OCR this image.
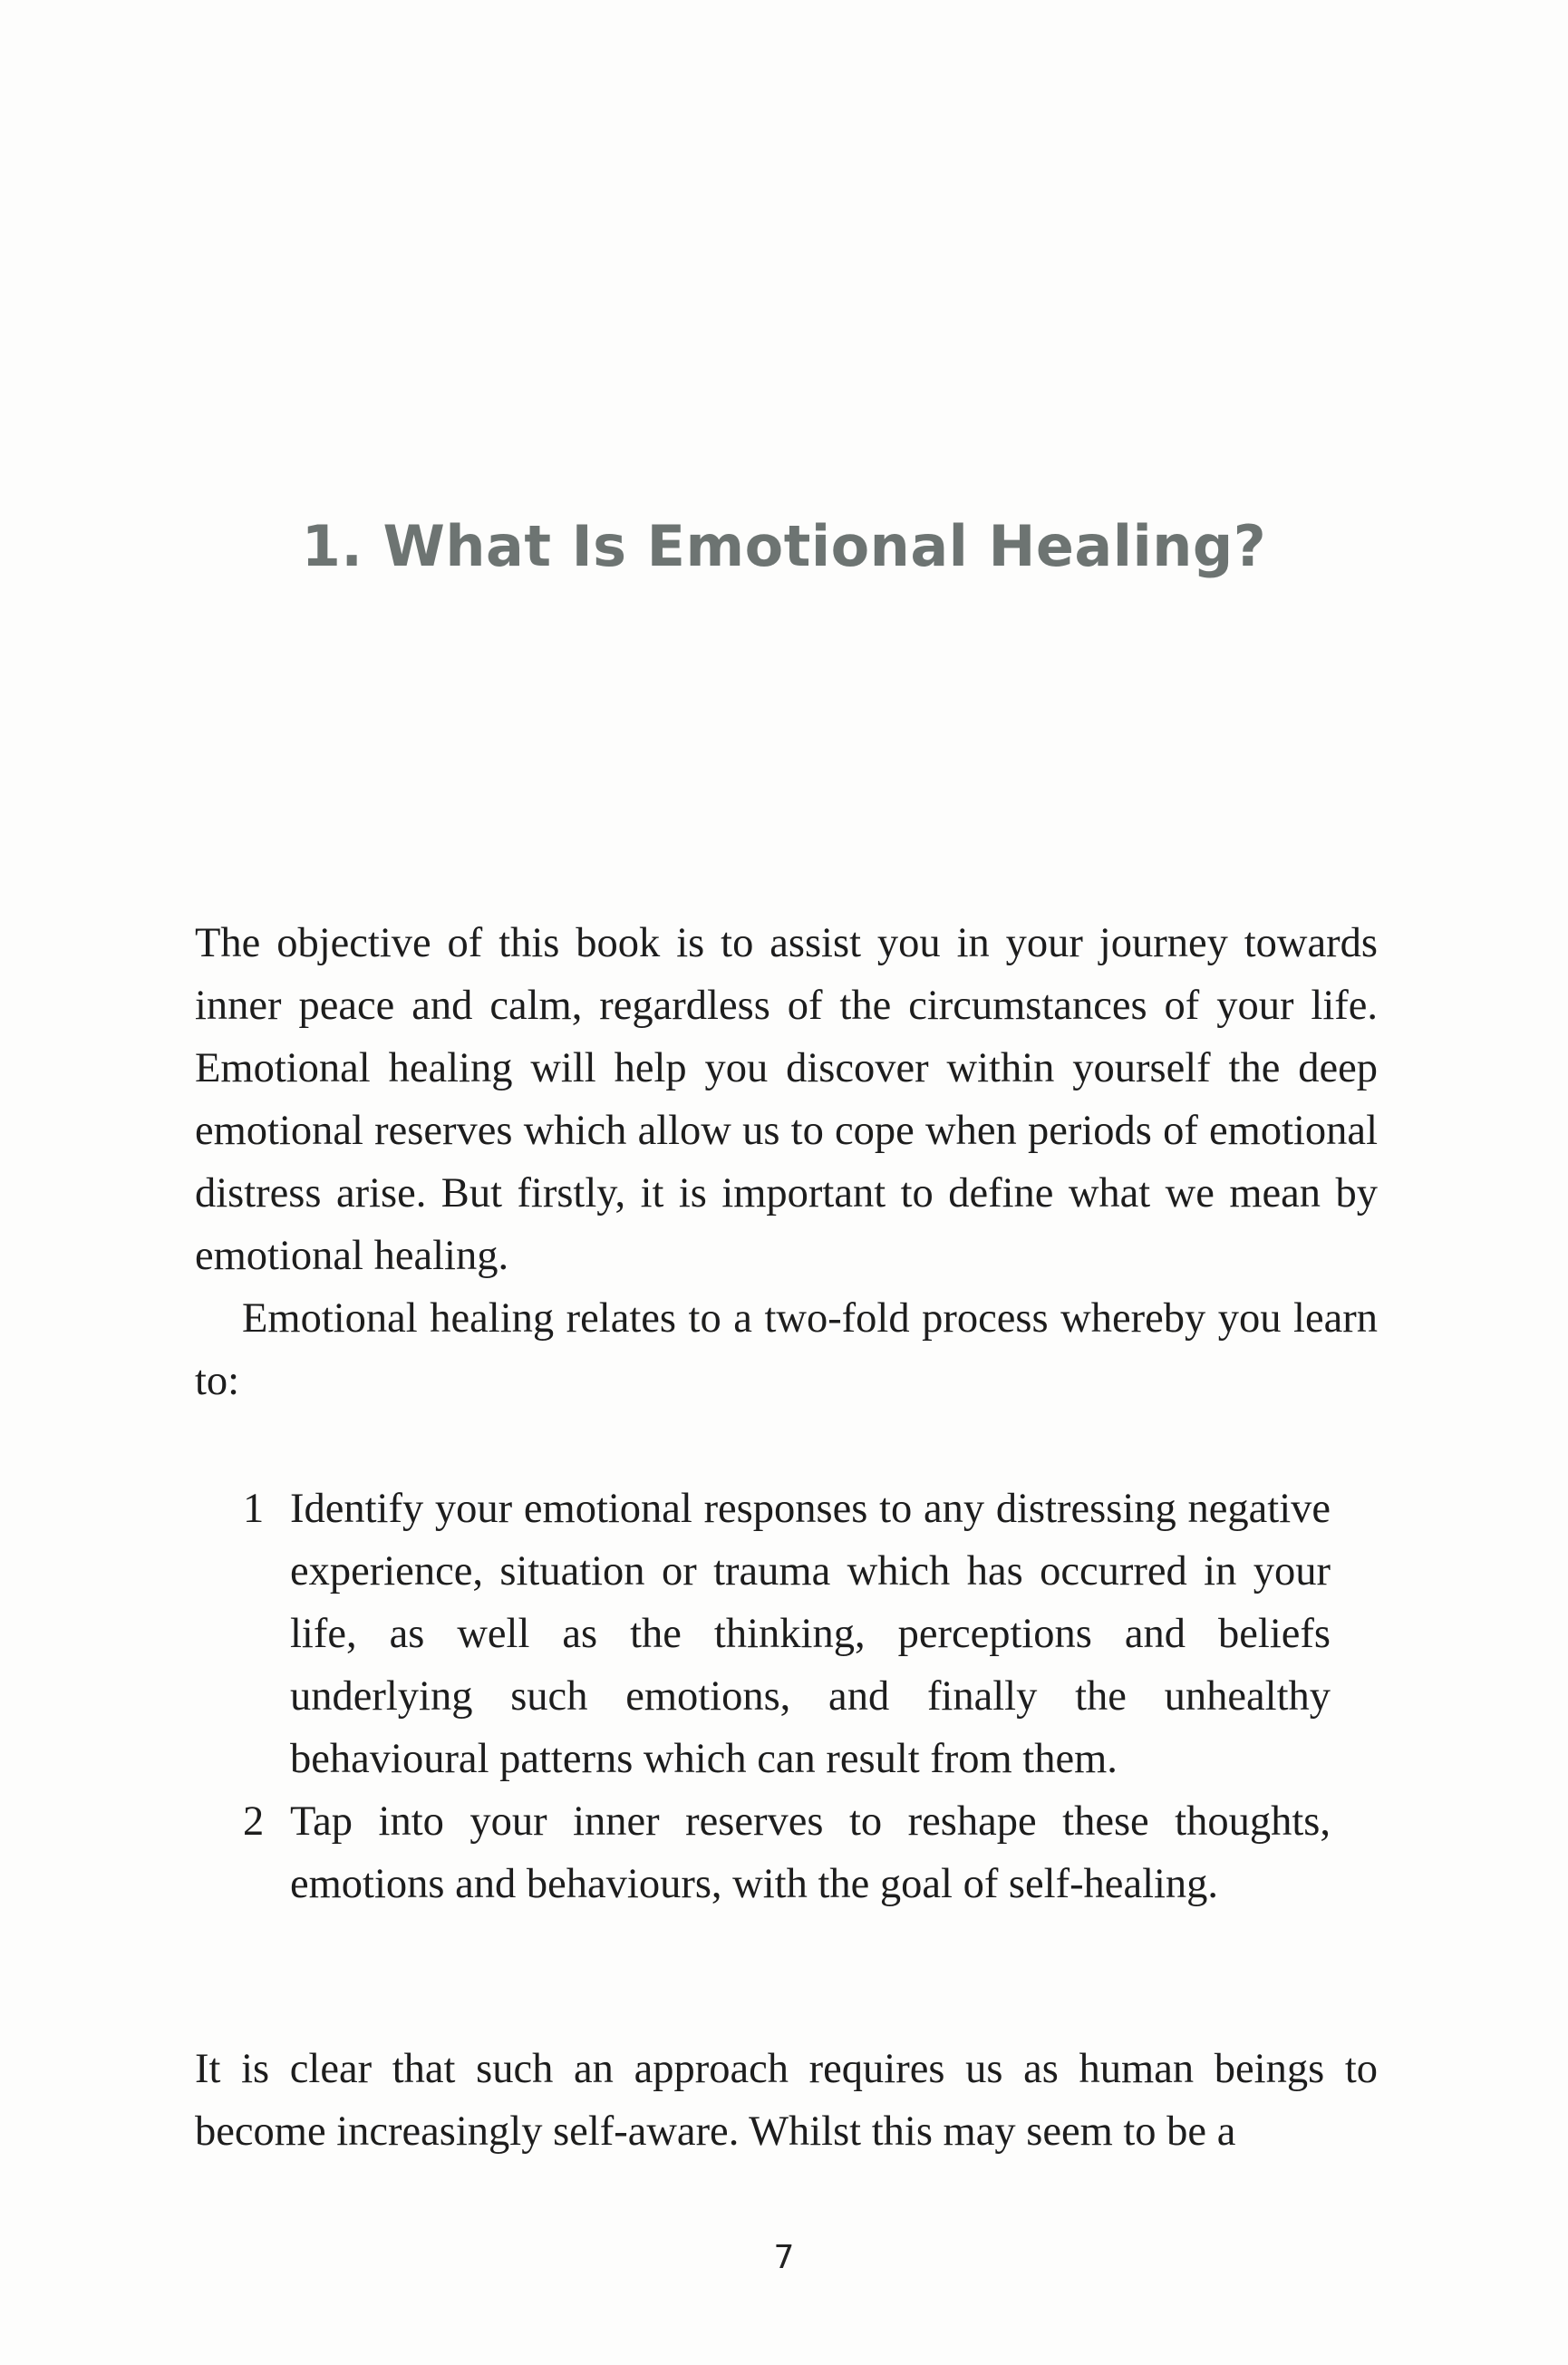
1. What Is Emotional Healing?

The objective of this book is to assist you in your journey towards inner peace and calm, regardless of the circumstances of your life. Emotional healing will help you discover within yourself the deep emotional reserves which allow us to cope when periods of emotional distress arise. But firstly, it is important to define what we mean by emotional healing.

Emotional healing relates to a two-fold process whereby you learn to:

1 Identify your emotional responses to any distressing negative experience, situation or trauma which has occurred in your life, as well as the thinking, perceptions and beliefs underlying such emotions, and finally the unhealthy behavioural patterns which can result from them.
2 Tap into your inner reserves to reshape these thoughts, emotions and behaviours, with the goal of self-healing.

It is clear that such an approach requires us as human beings to become increasingly self-aware. Whilst this may seem to be a

7
